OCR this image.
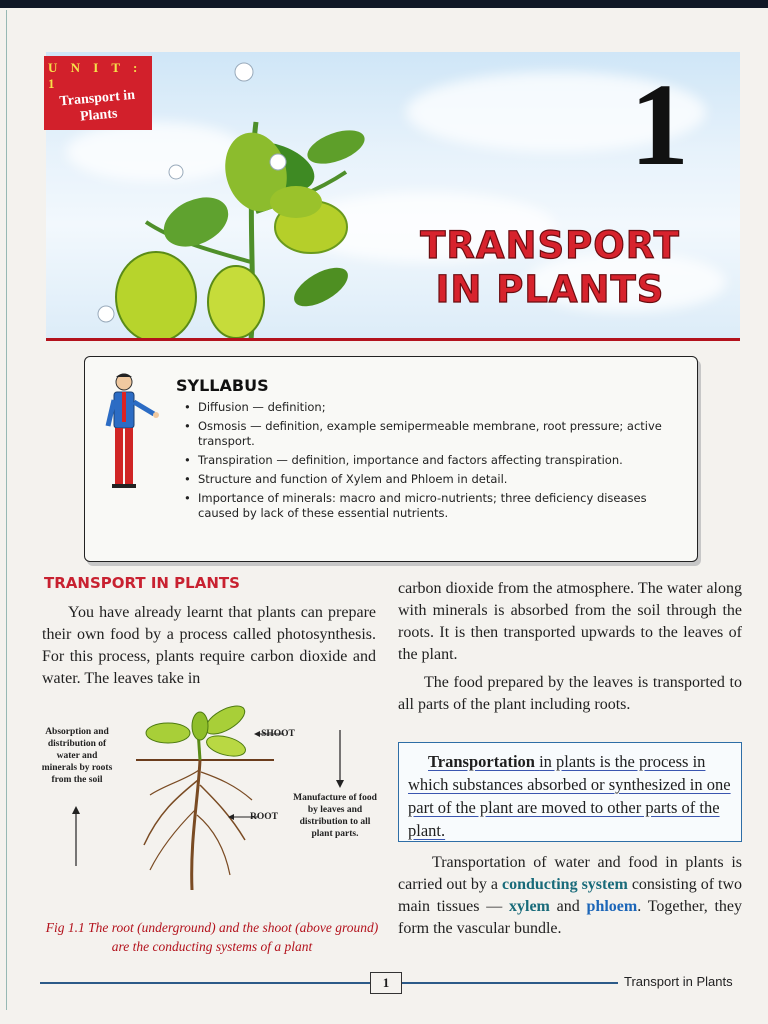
U N I T : 1
Transport in Plants	1
TRANSPORT
IN PLANTS
SYLLABUS
• Diffusion — definition;
• Osmosis — definition, example semipermeable membrane, root pressure; active transport.
• Transpiration — definition, importance and factors affecting transpiration.
• Structure and function of Xylem and Phloem in detail.
• Importance of minerals: macro and micro-nutrients; three deficiency diseases caused by lack of these essential nutrients.
TRANSPORT IN PLANTS
You have already learnt that plants can prepare their own food by a process called photosynthesis. For this process, plants require carbon dioxide and water. The leaves take in
carbon dioxide from the atmosphere. The water along with minerals is absorbed from the soil through the roots. It is then transported upwards to the leaves of the plant.
The food prepared by the leaves is transported to all parts of the plant including roots.
Transportation in plants is the process in which substances absorbed or synthesized in one part of the plant are moved to other parts of the plant.
Transportation of water and food in plants is carried out by a conducting system consisting of two main tissues — xylem and phloem. Together, they form the vascular bundle.
SHOOT
ROOT
Absorption and distribution of water and minerals by roots from the soil
Manufacture of food by leaves and distribution to all plant parts.
Fig 1.1 The root (underground) and the shoot (above ground) are the conducting systems of a plant
1	Transport in Plants
